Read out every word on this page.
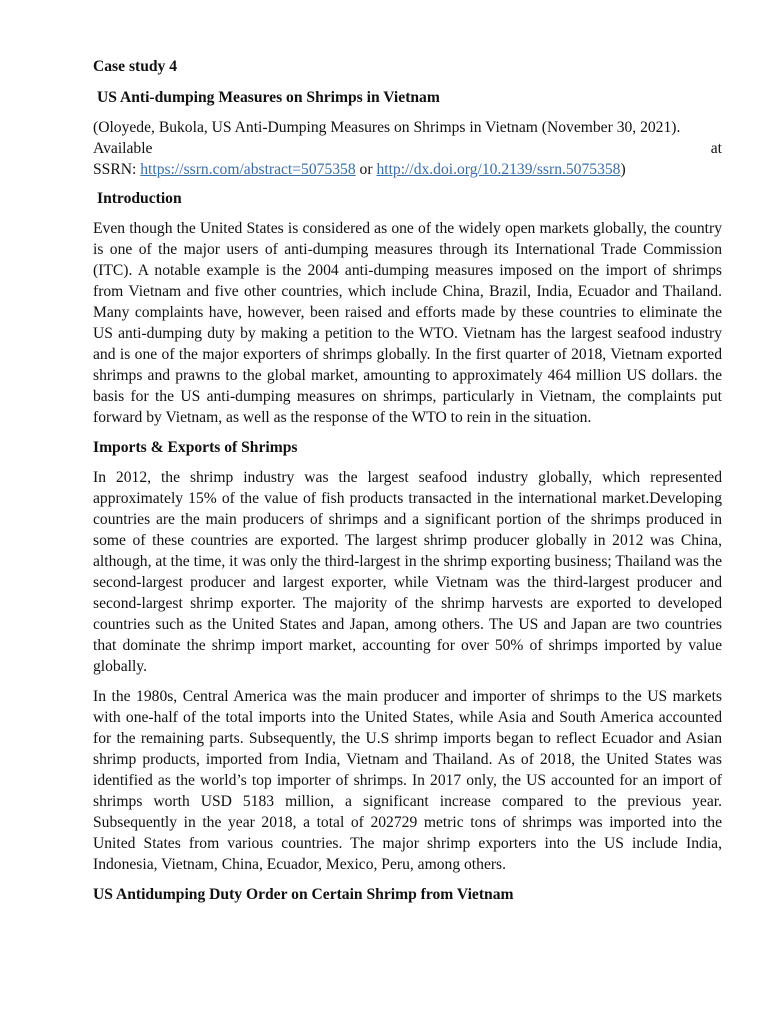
Case study 4

US Anti-dumping Measures on Shrimps in Vietnam

(Oloyede, Bukola, US Anti-Dumping Measures on Shrimps in Vietnam (November 30, 2021).

Available	at

SSRN: https://ssrn.com/abstract=5075358 or http://dx.doi.org/10.2139/ssrn.5075358)

Introduction

Even though the United States is considered as one of the widely open markets globally, the country is one of the major users of anti-dumping measures through its International Trade Commission (ITC). A notable example is the 2004 anti-dumping measures imposed on the import of shrimps from Vietnam and five other countries, which include China, Brazil, India, Ecuador and Thailand. Many complaints have, however, been raised and efforts made by these countries to eliminate the US anti-dumping duty by making a petition to the WTO. Vietnam has the largest seafood industry and is one of the major exporters of shrimps globally. In the first quarter of 2018, Vietnam exported shrimps and prawns to the global market, amounting to approximately 464 million US dollars. the basis for the US anti-dumping measures on shrimps, particularly in Vietnam, the complaints put forward by Vietnam, as well as the response of the WTO to rein in the situation.

Imports & Exports of Shrimps

In 2012, the shrimp industry was the largest seafood industry globally, which represented approximately 15% of the value of fish products transacted in the international market.Developing countries are the main producers of shrimps and a significant portion of the shrimps produced in some of these countries are exported. The largest shrimp producer globally in 2012 was China, although, at the time, it was only the third-largest in the shrimp exporting business; Thailand was the second-largest producer and largest exporter, while Vietnam was the third-largest producer and second-largest shrimp exporter. The majority of the shrimp harvests are exported to developed countries such as the United States and Japan, among others. The US and Japan are two countries that dominate the shrimp import market, accounting for over 50% of shrimps imported by value globally.

In the 1980s, Central America was the main producer and importer of shrimps to the US markets with one-half of the total imports into the United States, while Asia and South America accounted for the remaining parts. Subsequently, the U.S shrimp imports began to reflect Ecuador and Asian shrimp products, imported from India, Vietnam and Thailand. As of 2018, the United States was identified as the world’s top importer of shrimps. In 2017 only, the US accounted for an import of shrimps worth USD 5183 million, a significant increase compared to the previous year. Subsequently in the year 2018, a total of 202729 metric tons of shrimps was imported into the United States from various countries. The major shrimp exporters into the US include India, Indonesia, Vietnam, China, Ecuador, Mexico, Peru, among others.

US Antidumping Duty Order on Certain Shrimp from Vietnam
